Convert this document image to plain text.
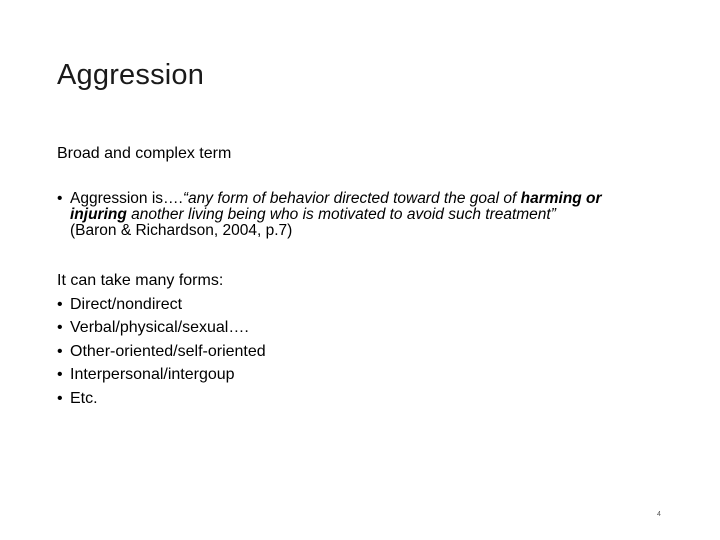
Aggression
Broad and complex term
• Aggression is….“any form of behavior directed toward the goal of harming or
injuring another living being who is motivated to avoid such treatment”
(Baron & Richardson, 2004, p.7)
It can take many forms:
• Direct/nondirect
• Verbal/physical/sexual….
• Other-oriented/self-oriented
• Interpersonal/intergoup
• Etc.
4
